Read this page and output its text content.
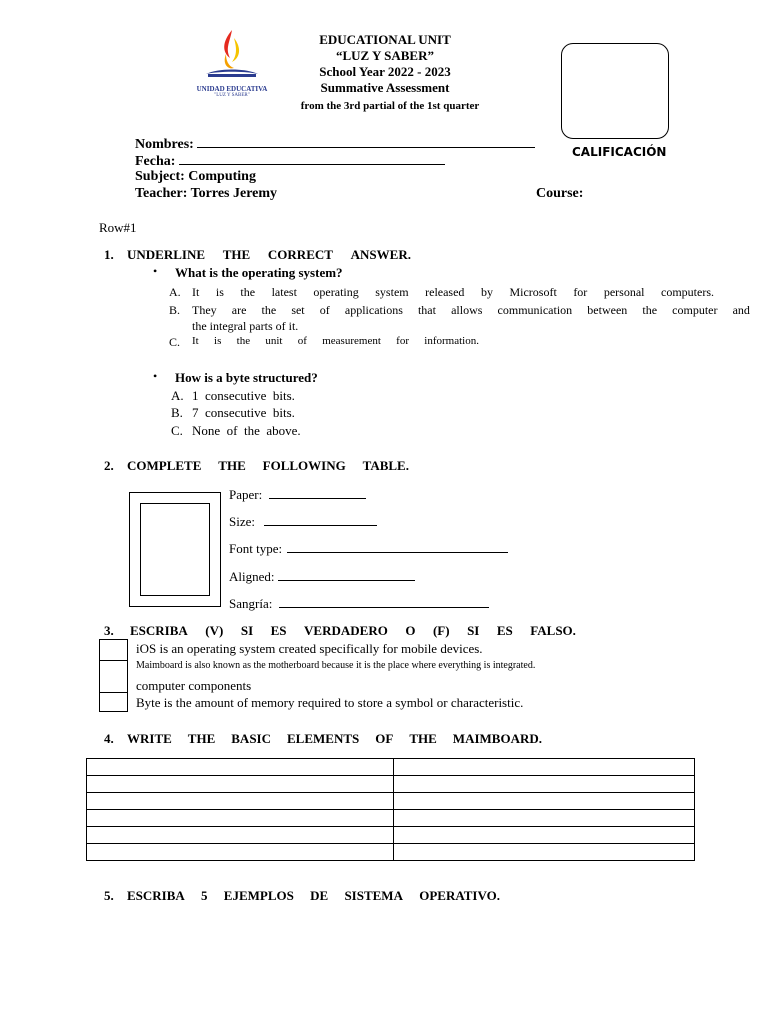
UNIDAD EDUCATIVA
"LUZ Y SABER"
EDUCATIONAL UNIT
“LUZ Y SABER”
School Year 2022 - 2023
Summative Assessment
from the 3rd partial of the 1st quarter
CALIFICACIÓN
Nombres:
Fecha:
Subject: Computing
Teacher: Torres Jeremy	Course:
Row#1
1. UNDERLINE THE CORRECT ANSWER.
• What is the operating system?
A. It is the latest operating system released by Microsoft for personal computers.
B. They are the set of applications that allows communication between the computer and
the integral parts of it.
C. It is the unit of measurement for information.
• How is a byte structured?
A. 1  consecutive  bits.
B. 7  consecutive  bits.
C. None  of  the  above.
2. COMPLETE THE FOLLOWING TABLE.
Paper:
Size:
Font type:
Aligned:
Sangría:
3. ESCRIBA (V) SI ES VERDADERO O (F) SI ES FALSO.
iOS is an operating system created specifically for mobile devices.
Maimboard is also known as the motherboard because it is the place where everything is integrated.
computer components
Byte is the amount of memory required to store a symbol or characteristic.
4. WRITE THE BASIC ELEMENTS OF THE MAIMBOARD.

5. ESCRIBA 5 EJEMPLOS DE SISTEMA OPERATIVO.
